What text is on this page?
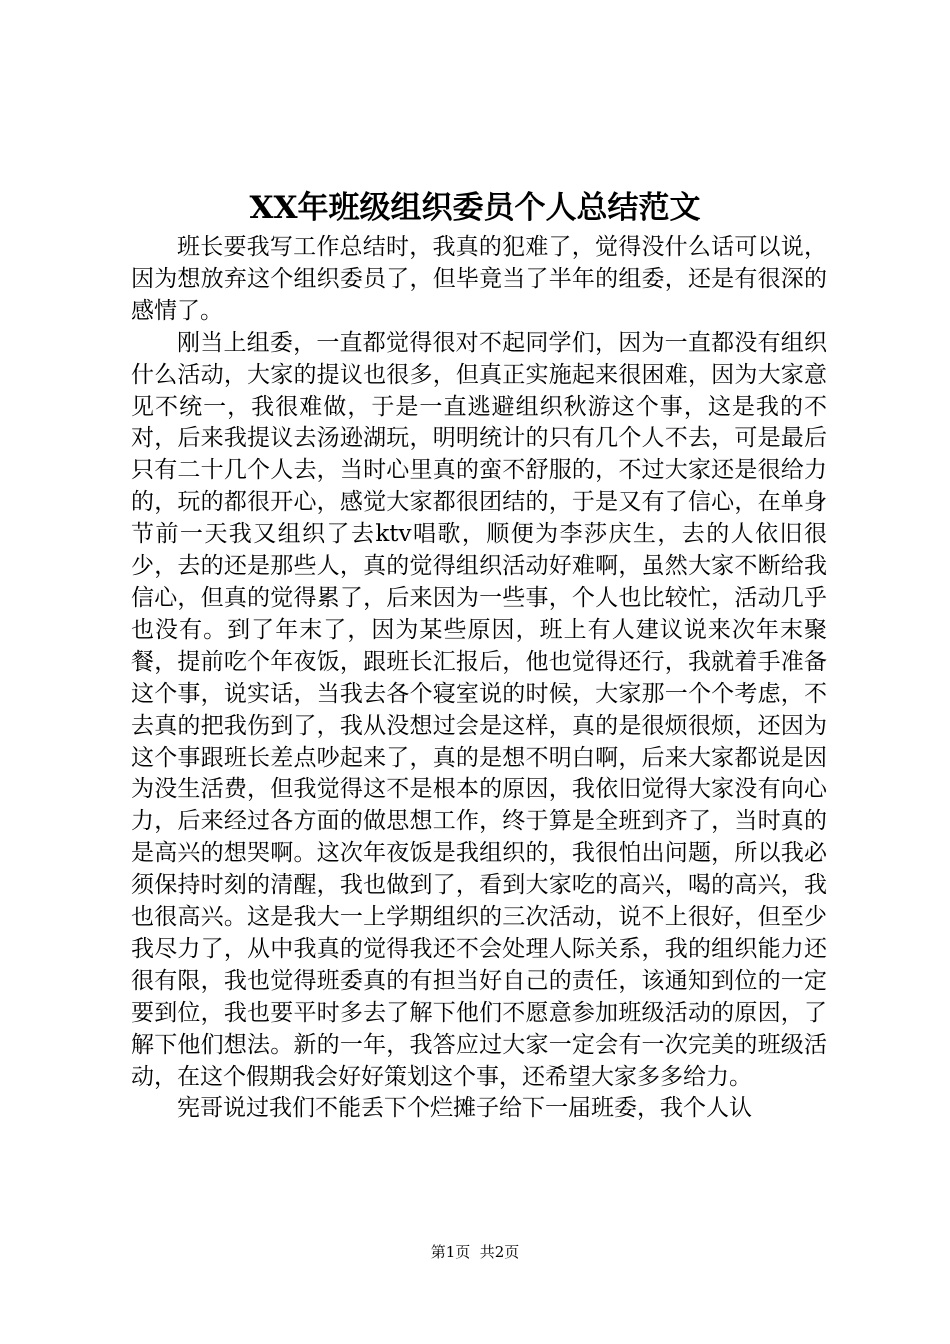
XX年班级组织委员个人总结范文

班长要我写工作总结时，我真的犯难了，觉得没什么话可以说，因为想放弃这个组织委员了，但毕竟当了半年的组委，还是有很深的感情了。

刚当上组委，一直都觉得很对不起同学们，因为一直都没有组织什么活动，大家的提议也很多，但真正实施起来很困难，因为大家意见不统一，我很难做，于是一直逃避组织秋游这个事，这是我的不对，后来我提议去汤逊湖玩，明明统计的只有几个人不去，可是最后只有二十几个人去，当时心里真的蛮不舒服的，不过大家还是很给力的，玩的都很开心，感觉大家都很团结的，于是又有了信心，在单身节前一天我又组织了去ktv唱歌，顺便为李莎庆生，去的人依旧很少，去的还是那些人，真的觉得组织活动好难啊，虽然大家不断给我信心，但真的觉得累了，后来因为一些事，个人也比较忙，活动几乎也没有。到了年末了，因为某些原因，班上有人建议说来次年末聚餐，提前吃个年夜饭，跟班长汇报后，他也觉得还行，我就着手准备这个事，说实话，当我去各个寝室说的时候，大家那一个个考虑，不去真的把我伤到了，我从没想过会是这样，真的是很烦很烦，还因为这个事跟班长差点吵起来了，真的是想不明白啊，后来大家都说是因为没生活费，但我觉得这不是根本的原因，我依旧觉得大家没有向心力，后来经过各方面的做思想工作，终于算是全班到齐了，当时真的是高兴的想哭啊。这次年夜饭是我组织的，我很怕出问题，所以我必须保持时刻的清醒，我也做到了，看到大家吃的高兴，喝的高兴，我也很高兴。这是我大一上学期组织的三次活动，说不上很好，但至少我尽力了，从中我真的觉得我还不会处理人际关系，我的组织能力还很有限，我也觉得班委真的有担当好自己的责任，该通知到位的一定要到位，我也要平时多去了解下他们不愿意参加班级活动的原因，了解下他们想法。新的一年，我答应过大家一定会有一次完美的班级活动，在这个假期我会好好策划这个事，还希望大家多多给力。

宪哥说过我们不能丢下个烂摊子给下一届班委，我个人认

第1页  共2页
